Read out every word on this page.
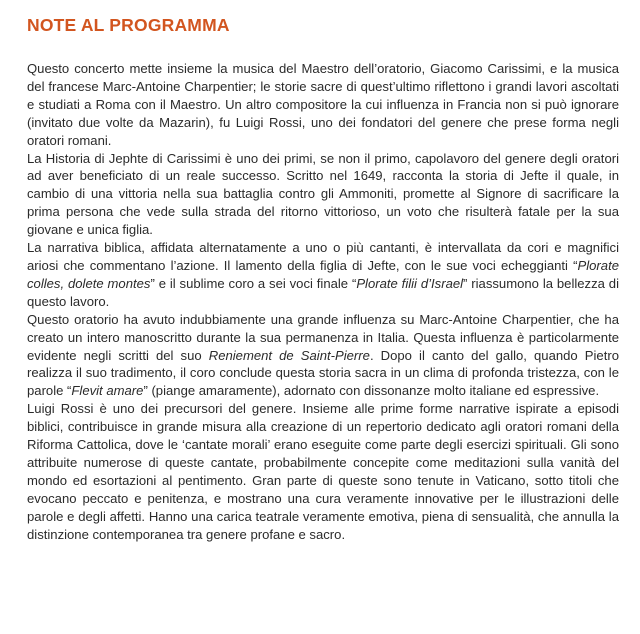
NOTE AL PROGRAMMA

Questo concerto mette insieme la musica del Maestro dell’oratorio, Giacomo Carissimi, e la musica del francese Marc-Antoine Charpentier; le storie sacre di quest’ultimo riflettono i grandi lavori ascoltati e studiati a Roma con il Maestro. Un altro compositore la cui influenza in Francia non si può ignorare (invitato due volte da Mazarin), fu Luigi Rossi, uno dei fondatori del genere che prese forma negli oratori romani.

La Historia di Jephte di Carissimi è uno dei primi, se non il primo, capolavoro del genere degli oratori ad aver beneficiato di un reale successo. Scritto nel 1649, racconta la storia di Jefte il quale, in cambio di una vittoria nella sua battaglia contro gli Ammoniti, promette al Signore di sacrificare la prima persona che vede sulla strada del ritorno vittorioso, un voto che risulterà fatale per la sua giovane e unica figlia.

La narrativa biblica, affidata alternatamente a uno o più cantanti, è intervallata da cori e magnifici ariosi che commentano l’azione. Il lamento della figlia di Jefte, con le sue voci echeggianti “Plorate colles, dolete montes” e il sublime coro a sei voci finale “Plorate filii d’Israel” riassumono la bellezza di questo lavoro.

Questo oratorio ha avuto indubbiamente una grande influenza su Marc-Antoine Charpentier, che ha creato un intero manoscritto durante la sua permanenza in Italia. Questa influenza è particolarmente evidente negli scritti del suo Reniement de Saint-Pierre. Dopo il canto del gallo, quando Pietro realizza il suo tradimento, il coro conclude questa storia sacra in un clima di profonda tristezza, con le parole “Flevit amare” (piange amaramente), adornato con dissonanze molto italiane ed espressive.

Luigi Rossi è uno dei precursori del genere. Insieme alle prime forme narrative ispirate a episodi biblici, contribuisce in grande misura alla creazione di un repertorio dedicato agli oratori romani della Riforma Cattolica, dove le ‘cantate morali’ erano eseguite come parte degli esercizi spirituali. Gli sono attribuite numerose di queste cantate, probabilmente concepite come meditazioni sulla vanità del mondo ed esortazioni al pentimento. Gran parte di queste sono tenute in Vaticano, sotto titoli che evocano peccato e penitenza, e mostrano una cura veramente innovative per le illustrazioni delle parole e degli affetti. Hanno una carica teatrale veramente emotiva, piena di sensualità, che annulla la distinzione contemporanea tra genere profane e sacro.
